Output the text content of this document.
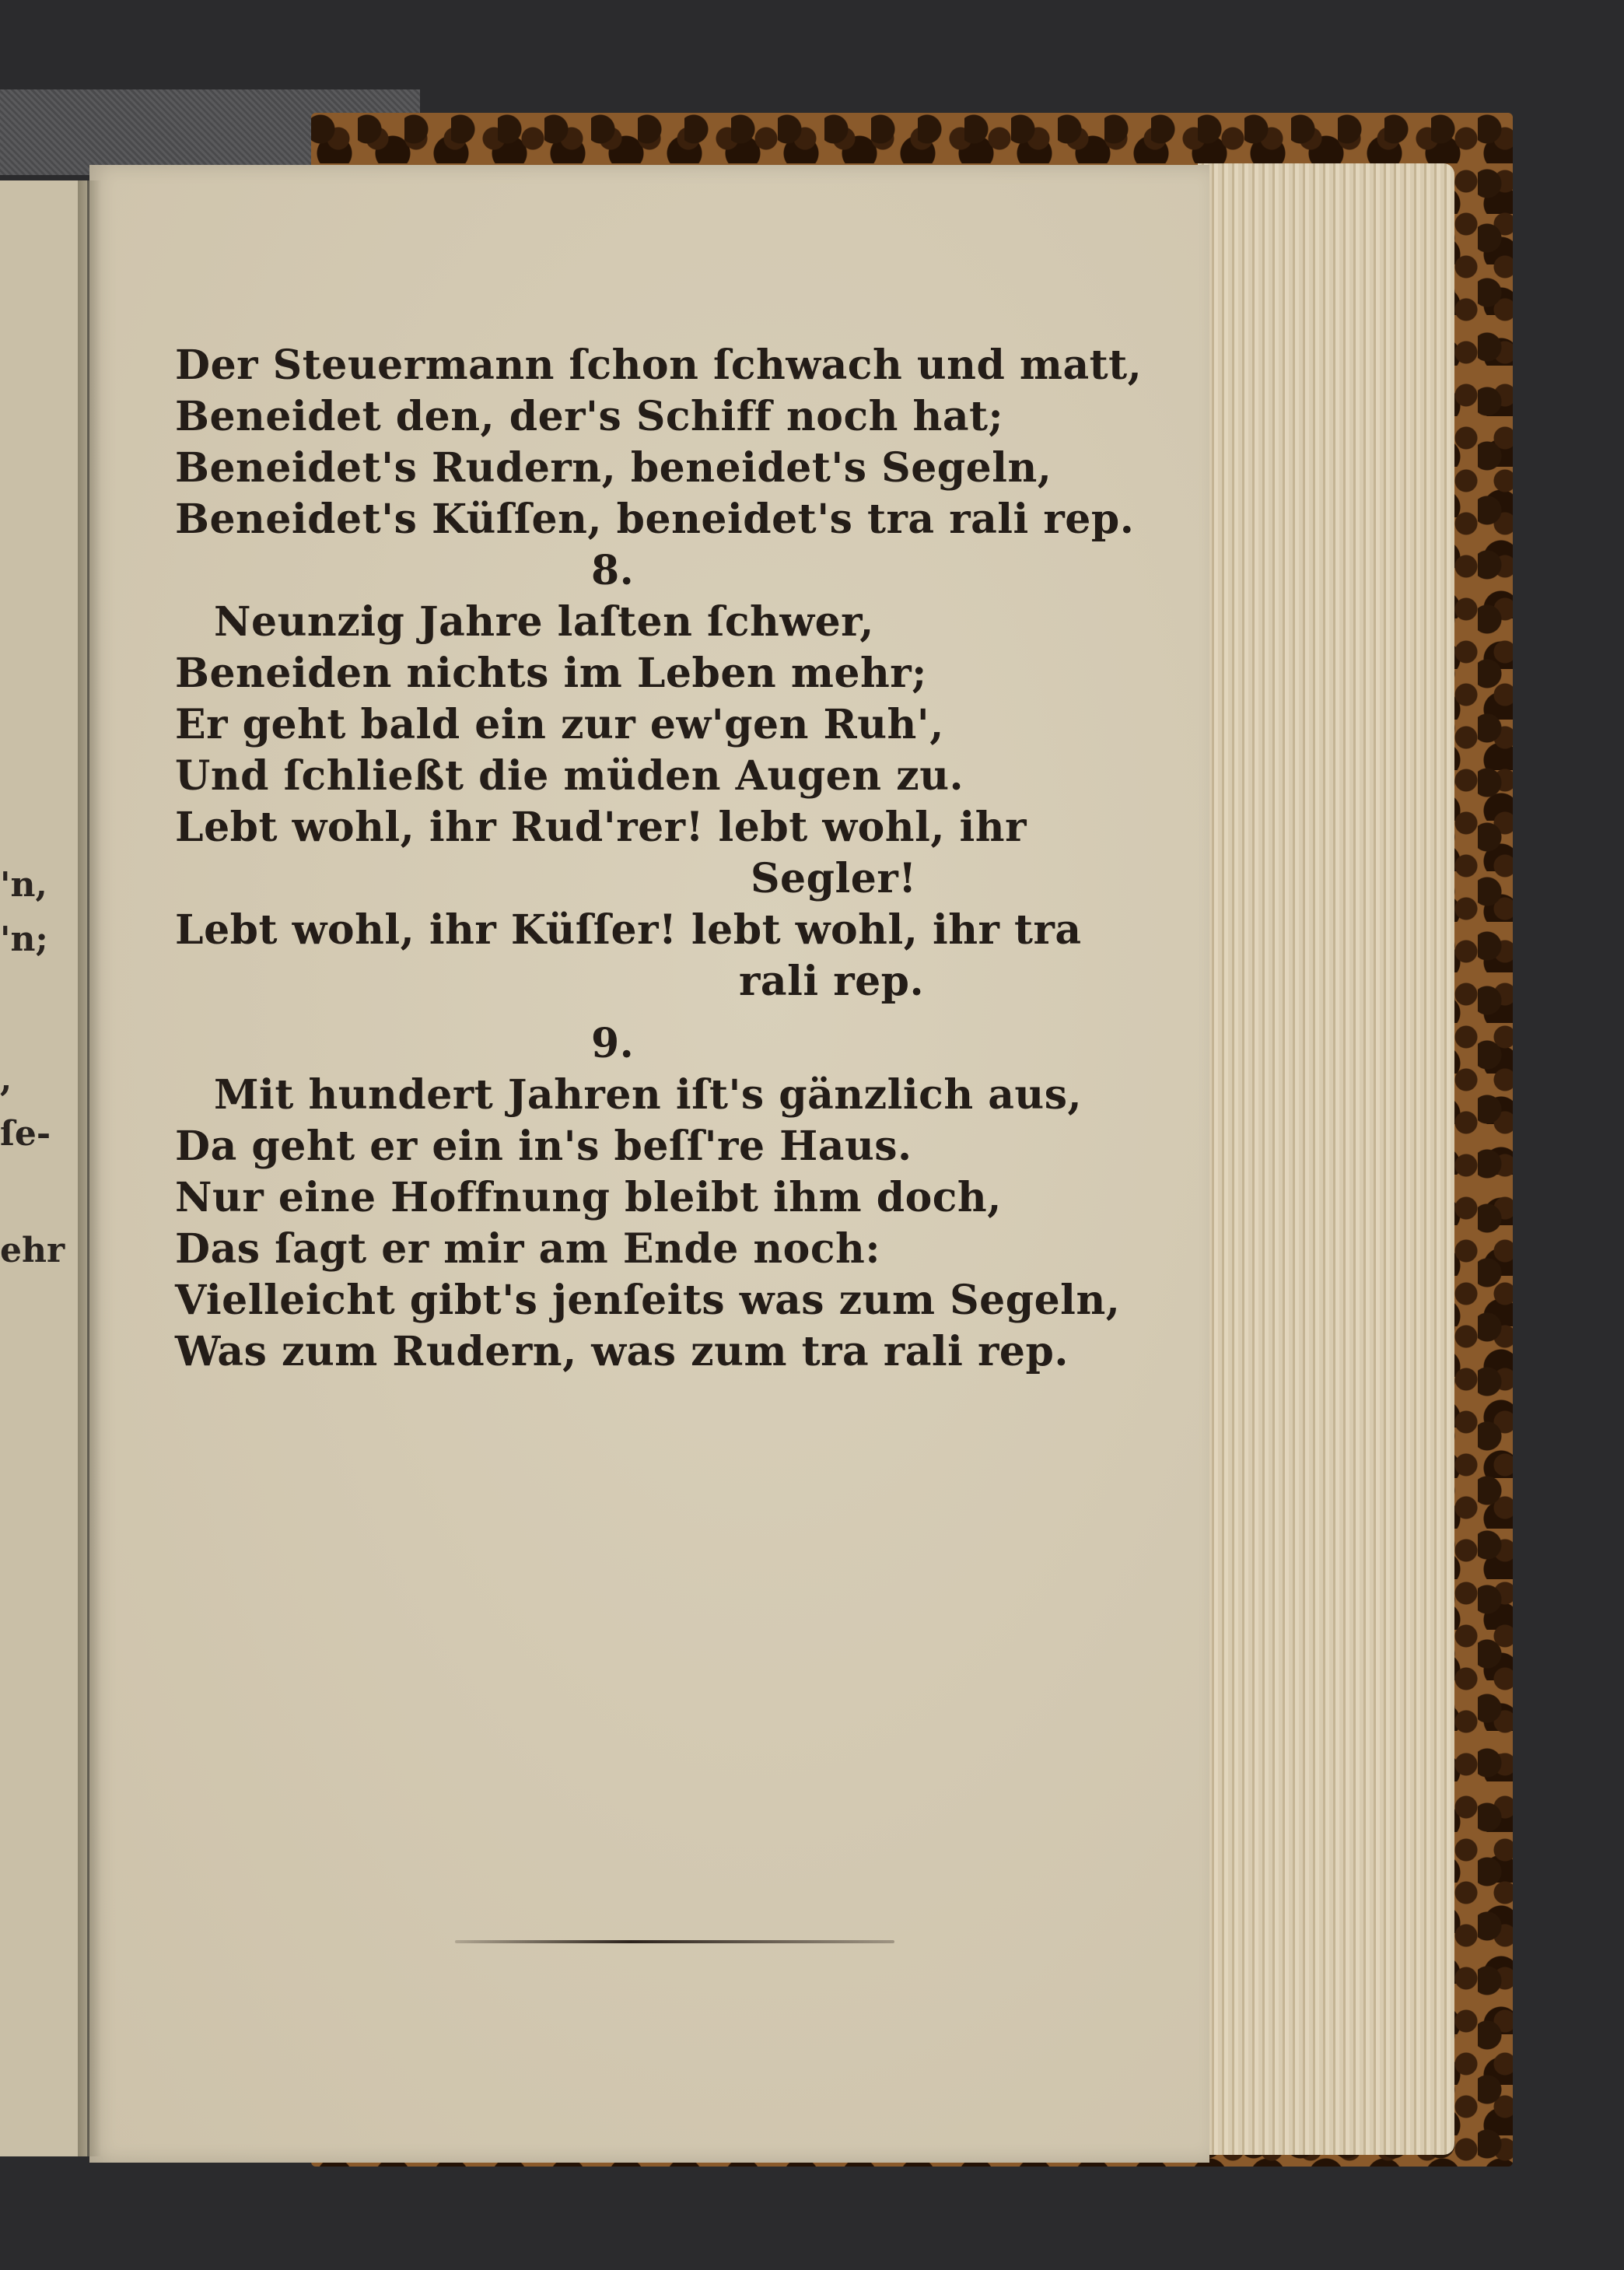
'n,
'n;
,
ſe-
ehr
Der Steuermann ſchon ſchwach und matt,
Beneidet den, der's Schiff noch hat;
Beneidet's Rudern, beneidet's Segeln,
Beneidet's Küſſen, beneidet's tra rali rep.
8.
Neunzig Jahre laſten ſchwer,
Beneiden nichts im Leben mehr;
Er geht bald ein zur ew'gen Ruh',
Und ſchließt die müden Augen zu.
Lebt wohl, ihr Rud'rer! lebt wohl, ihr
Segler!
Lebt wohl, ihr Küſſer! lebt wohl, ihr tra
rali rep.
9.
Mit hundert Jahren iſt's gänzlich aus,
Da geht er ein in's beſſ're Haus.
Nur eine Hoffnung bleibt ihm doch,
Das ſagt er mir am Ende noch:
Vielleicht gibt's jenſeits was zum Segeln,
Was zum Rudern, was zum tra rali rep.
